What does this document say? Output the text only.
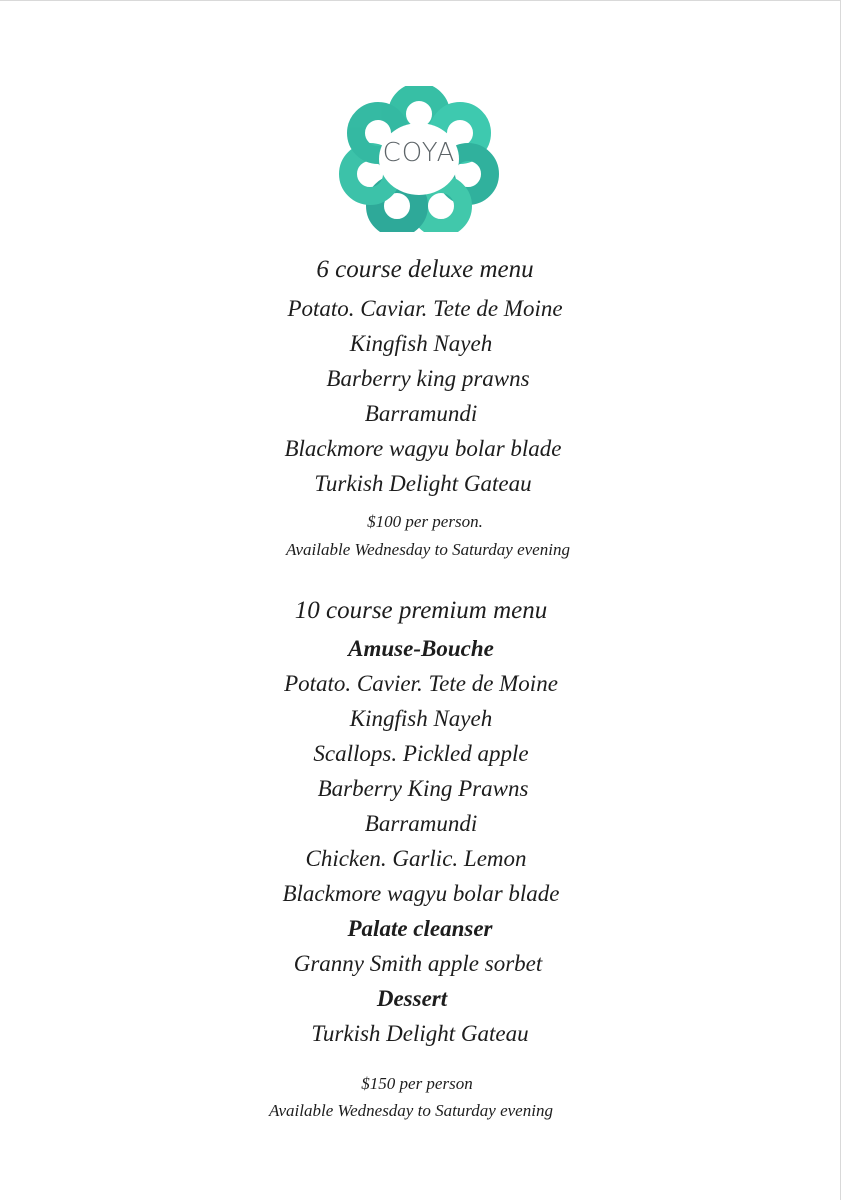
COYA
6 course deluxe menu
Potato. Caviar. Tete de Moine
Kingfish Nayeh
Barberry king prawns
Barramundi
Blackmore wagyu bolar blade
Turkish Delight Gateau
$100 per person.
Available Wednesday to Saturday evening
10 course premium menu
Amuse-Bouche
Potato. Cavier. Tete de Moine
Kingfish Nayeh
Scallops. Pickled apple
Barberry King Prawns
Barramundi
Chicken. Garlic. Lemon
Blackmore wagyu bolar blade
Palate cleanser
Granny Smith apple sorbet
Dessert
Turkish Delight Gateau
$150 per person
Available Wednesday to Saturday evening
